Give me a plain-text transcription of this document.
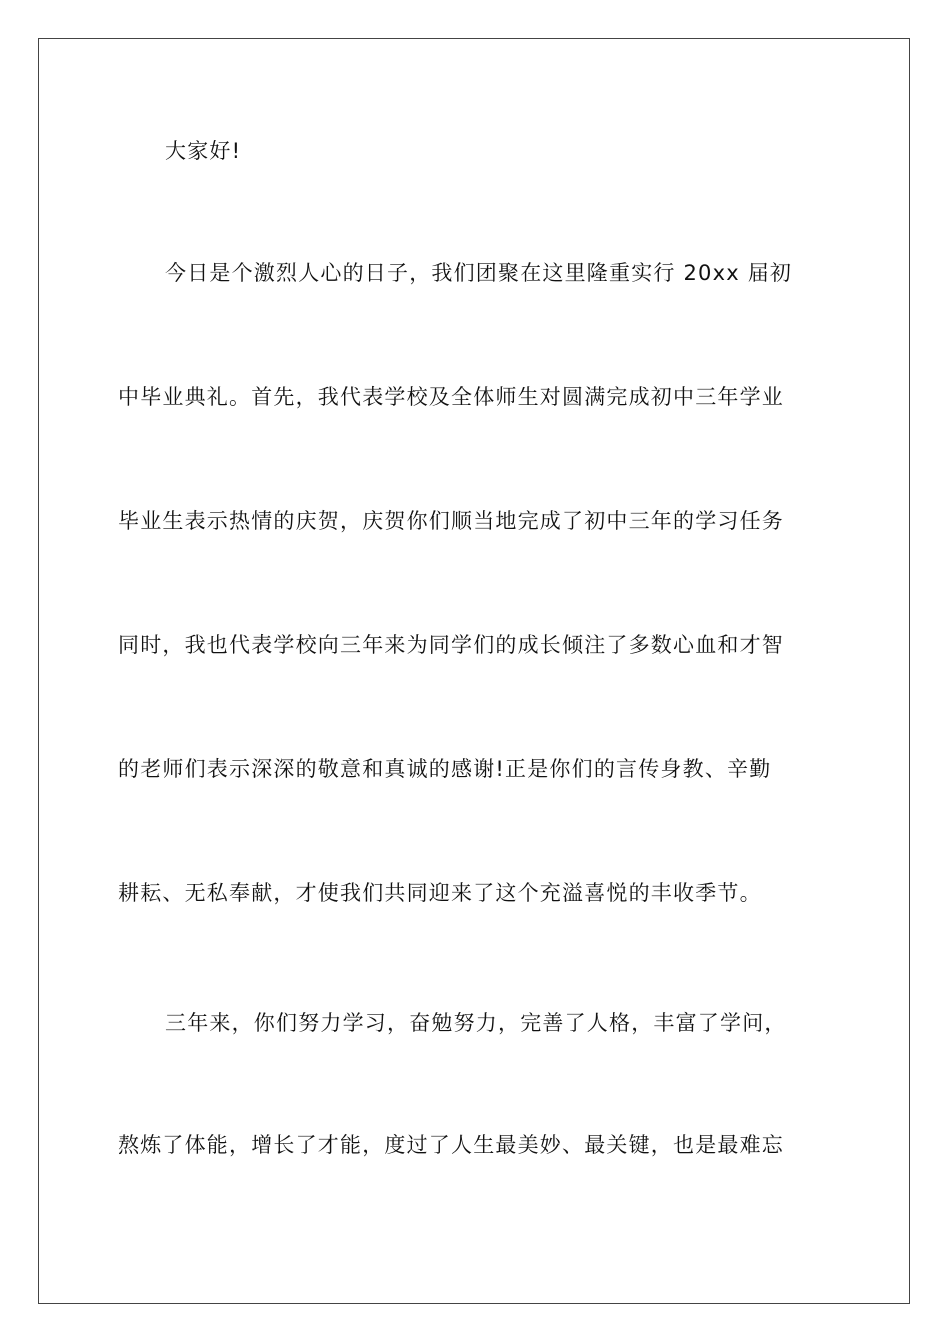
大家好!
今日是个激烈人心的日子，我们团聚在这里隆重实行 20xx 届初
中毕业典礼。首先，我代表学校及全体师生对圆满完成初中三年学业
毕业生表示热情的庆贺，庆贺你们顺当地完成了初中三年的学习任务
同时，我也代表学校向三年来为同学们的成长倾注了多数心血和才智
的老师们表示深深的敬意和真诚的感谢!正是你们的言传身教、辛勤
耕耘、无私奉献，才使我们共同迎来了这个充溢喜悦的丰收季节。
三年来，你们努力学习，奋勉努力，完善了人格，丰富了学问，
熬炼了体能，增长了才能，度过了人生最美妙、最关键，也是最难忘
